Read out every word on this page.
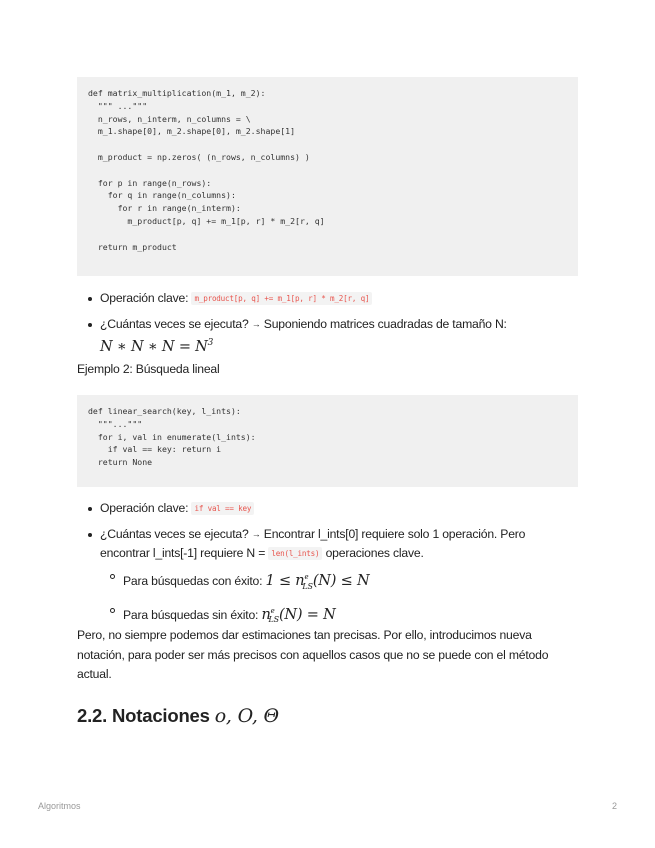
def matrix_multiplication(m_1, m_2):
""" ..."""
n_rows, n_interm, n_columns = \
m_1.shape[0], m_2.shape[0], m_2.shape[1]
m_product = np.zeros( (n_rows, n_columns) )
for p in range(n_rows):
for q in range(n_columns):
for r in range(n_interm):
m_product[p, q] += m_1[p, r] * m_2[r, q]
return m_product
Operación clave: m_product[p, q] += m_1[p, r] * m_2[r, q]
¿Cuántas veces se ejecuta? → Suponiendo matrices cuadradas de tamaño N:
N ∗ N ∗ $N = N^3$
Ejemplo 2: Búsqueda lineal
def linear_search(key, l_ints):
"""..."""
for i, val in enumerate(l_ints):
if val == key: return i
return None
Operación clave: if val == key
¿Cuántas veces se ejecuta? → Encontrar l_ints[0] requiere solo 1 operación. Pero encontrar l_ints[-1] requiere N = len(l_ints) operaciones clave.
Para búsquedas con éxito: $1 \le n^e_{LS}(N) \le N$
Para búsquedas sin éxito: $n^e_{LS}(N) = N$

Pero, no siempre podemos dar estimaciones tan precisas. Por ello, introducimos nueva notación, para poder ser más precisos con aquellos casos que no se puede con el método actual.

2.2. Notaciones o, O, Θ
Algoritmos	2
